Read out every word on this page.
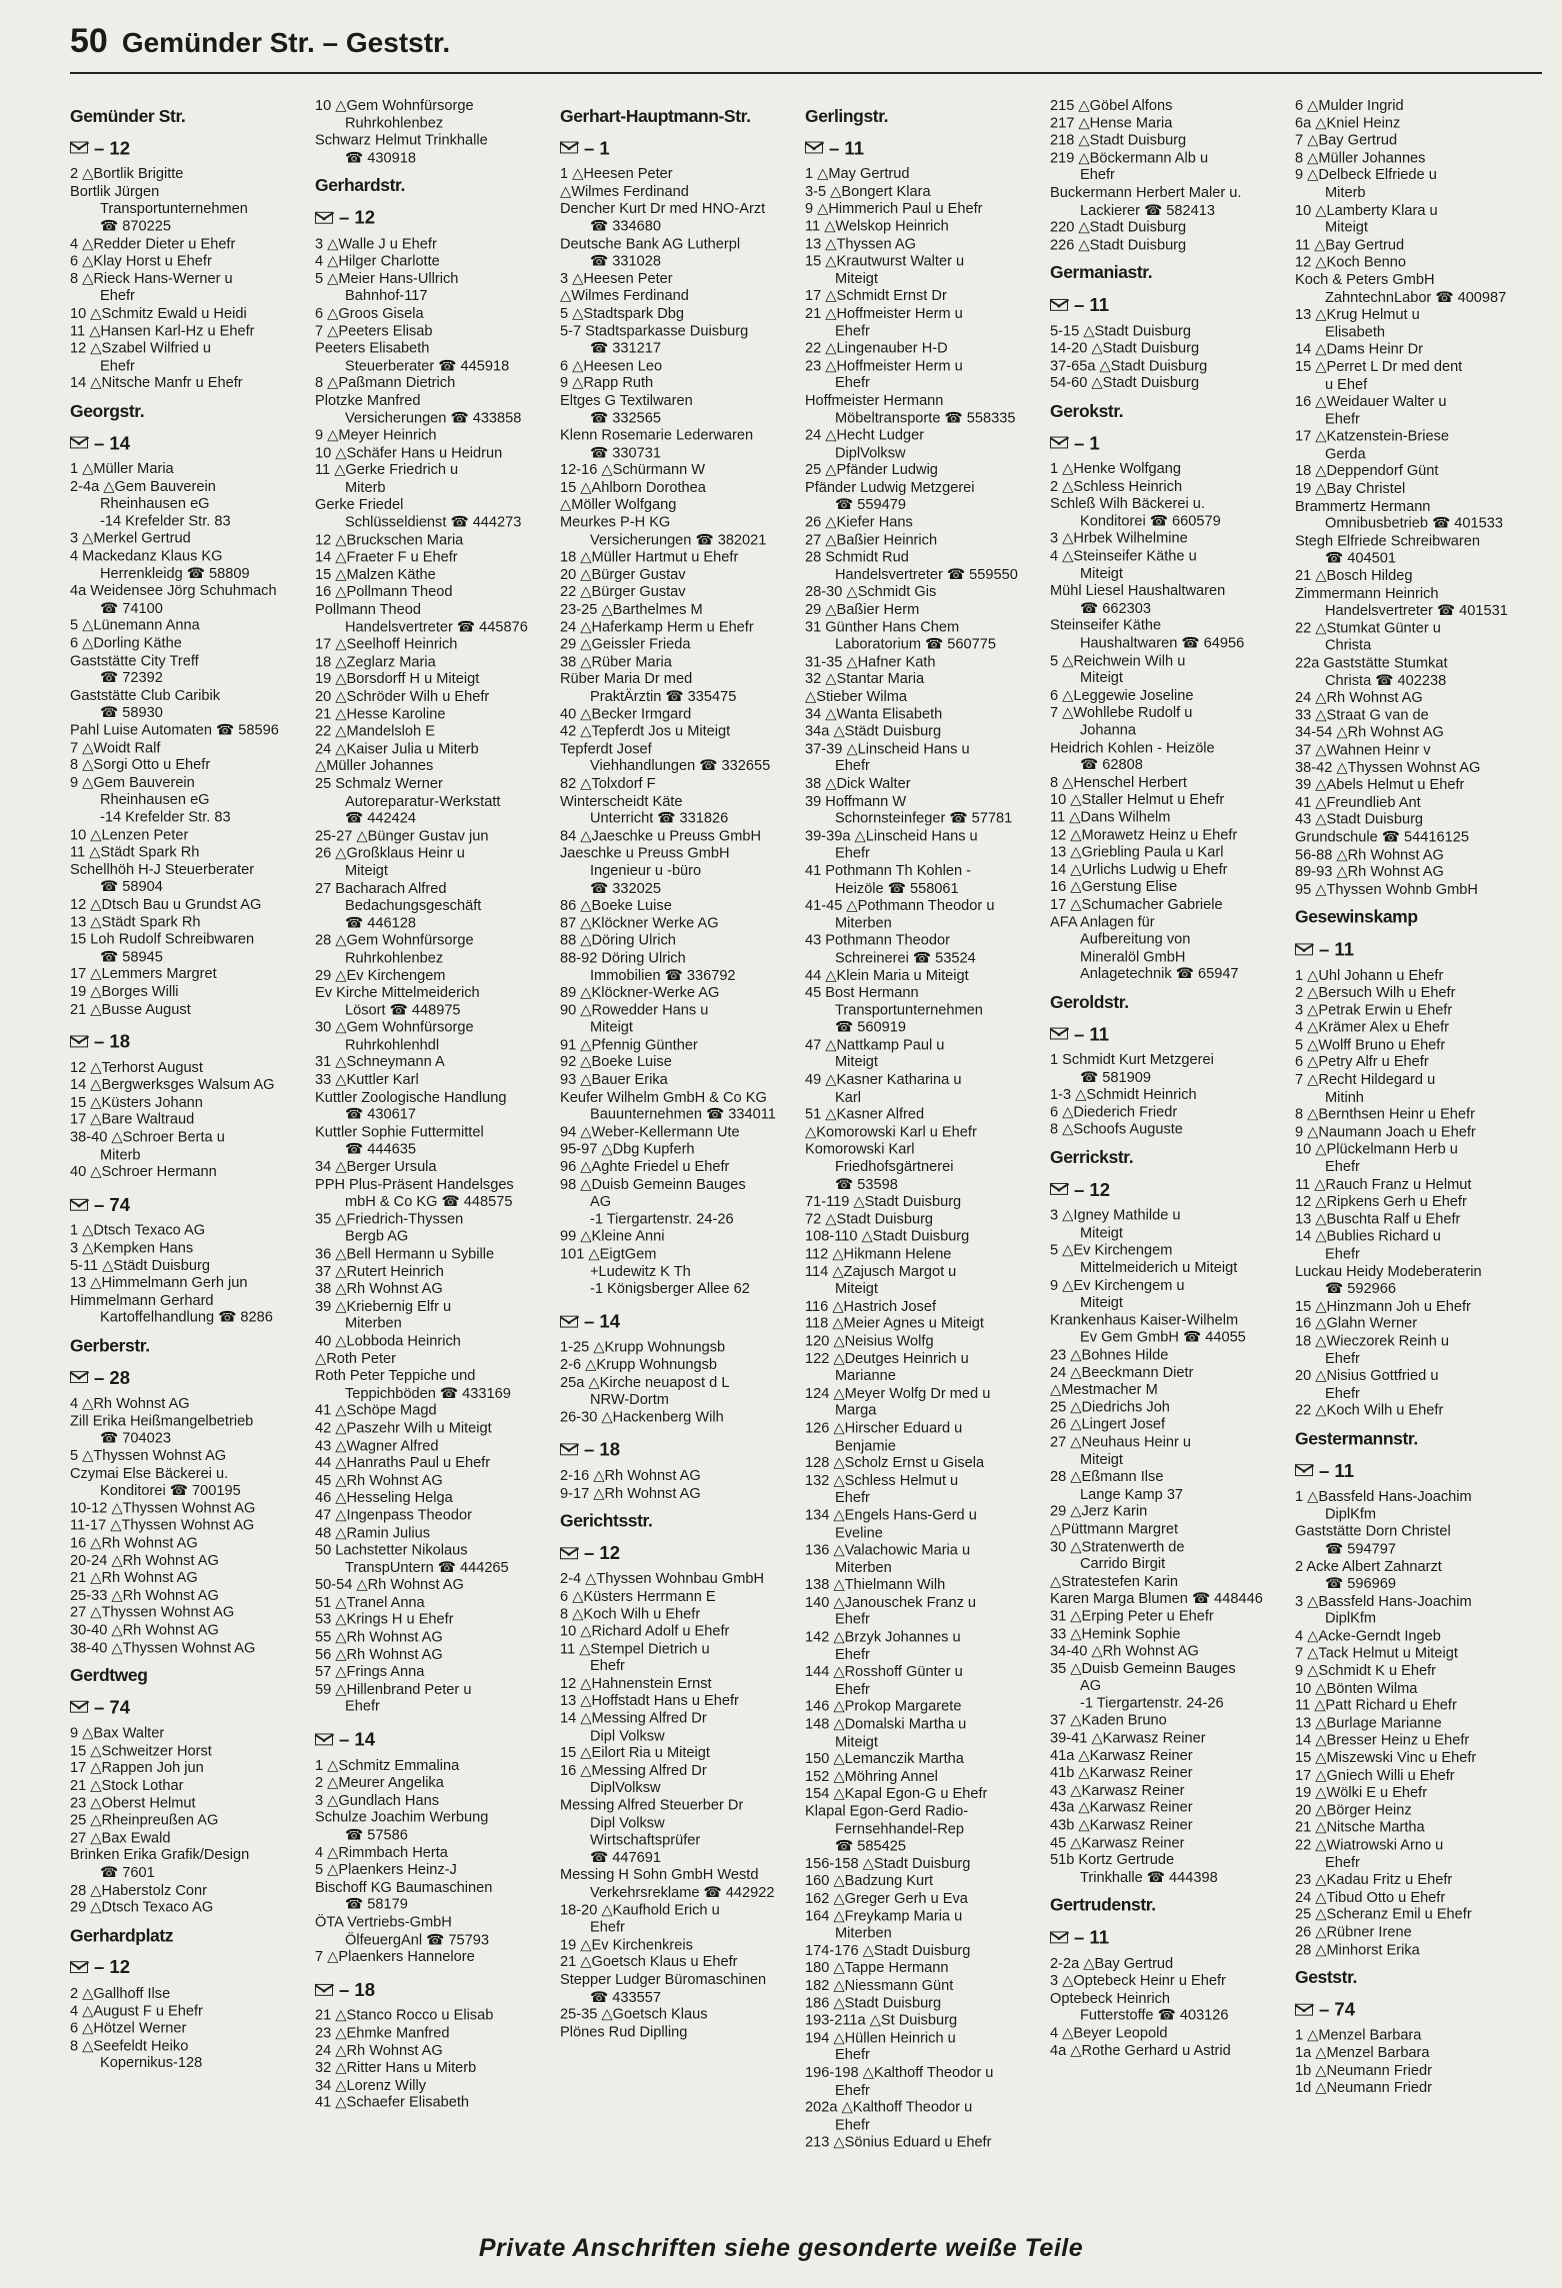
50 Gemünder Str. – Geststr.
Gemünder Str.
– 12
2 △Bortlik Brigitte
Bortlik Jürgen
Transportunternehmen
☎ 870225
4 △Redder Dieter u Ehefr
6 △Klay Horst u Ehefr
8 △Rieck Hans-Werner u
Ehefr
10 △Schmitz Ewald u Heidi
11 △Hansen Karl-Hz u Ehefr
12 △Szabel Wilfried u
Ehefr
14 △Nitsche Manfr u Ehefr
Georgstr.
– 14
1 △Müller Maria
2-4a △Gem Bauverein
Rheinhausen eG
-14 Krefelder Str. 83
3 △Merkel Gertrud
4 Mackedanz Klaus KG
Herrenkleidg ☎ 58809
4a Weidensee Jörg Schuhmach
☎ 74100
5 △Lünemann Anna
6 △Dorling Käthe
Gaststätte City Treff
☎ 72392
Gaststätte Club Caribik
☎ 58930
Pahl Luise Automaten ☎ 58596
7 △Woidt Ralf
8 △Sorgi Otto u Ehefr
9 △Gem Bauverein
Rheinhausen eG
-14 Krefelder Str. 83
10 △Lenzen Peter
11 △Städt Spark Rh
Schellhöh H-J Steuerberater
☎ 58904
12 △Dtsch Bau u Grundst AG
13 △Städt Spark Rh
15 Loh Rudolf Schreibwaren
☎ 58945
17 △Lemmers Margret
19 △Borges Willi
21 △Busse August
– 18
12 △Terhorst August
14 △Bergwerksges Walsum AG
15 △Küsters Johann
17 △Bare Waltraud
38-40 △Schroer Berta u
Miterb
40 △Schroer Hermann
– 74
1 △Dtsch Texaco AG
3 △Kempken Hans
5-11 △Städt Duisburg
13 △Himmelmann Gerh jun
Himmelmann Gerhard
Kartoffelhandlung ☎ 8286
Gerberstr.
– 28
4 △Rh Wohnst AG
Zill Erika Heißmangelbetrieb
☎ 704023
5 △Thyssen Wohnst AG
Czymai Else Bäckerei u.
Konditorei ☎ 700195
10-12 △Thyssen Wohnst AG
11-17 △Thyssen Wohnst AG
16 △Rh Wohnst AG
20-24 △Rh Wohnst AG
21 △Rh Wohnst AG
25-33 △Rh Wohnst AG
27 △Thyssen Wohnst AG
30-40 △Rh Wohnst AG
38-40 △Thyssen Wohnst AG
Gerdtweg
– 74
9 △Bax Walter
15 △Schweitzer Horst
17 △Rappen Joh jun
21 △Stock Lothar
23 △Oberst Helmut
25 △Rheinpreußen AG
27 △Bax Ewald
Brinken Erika Grafik/Design
☎ 7601
28 △Haberstolz Conr
29 △Dtsch Texaco AG
Gerhardplatz
– 12
2 △Gallhoff Ilse
4 △August F u Ehefr
6 △Hötzel Werner
8 △Seefeldt Heiko
Kopernikus-128
10 △Gem Wohnfürsorge
Ruhrkohlenbez
Schwarz Helmut Trinkhalle
☎ 430918
Gerhardstr.
– 12
3 △Walle J u Ehefr
4 △Hilger Charlotte
5 △Meier Hans-Ullrich
Bahnhof-117
6 △Groos Gisela
7 △Peeters Elisab
Peeters Elisabeth
Steuerberater ☎ 445918
8 △Paßmann Dietrich
Plotzke Manfred
Versicherungen ☎ 433858
9 △Meyer Heinrich
10 △Schäfer Hans u Heidrun
11 △Gerke Friedrich u
Miterb
Gerke Friedel
Schlüsseldienst ☎ 444273
12 △Bruckschen Maria
14 △Fraeter F u Ehefr
15 △Malzen Käthe
16 △Pollmann Theod
Pollmann Theod
Handelsvertreter ☎ 445876
17 △Seelhoff Heinrich
18 △Zeglarz Maria
19 △Borsdorff H u Miteigt
20 △Schröder Wilh u Ehefr
21 △Hesse Karoline
22 △Mandelsloh E
24 △Kaiser Julia u Miterb
△Müller Johannes
25 Schmalz Werner
Autoreparatur-Werkstatt
☎ 442424
25-27 △Bünger Gustav jun
26 △Großklaus Heinr u
Miteigt
27 Bacharach Alfred
Bedachungsgeschäft
☎ 446128
28 △Gem Wohnfürsorge
Ruhrkohlenbez
29 △Ev Kirchengem
Ev Kirche Mittelmeiderich
Lösort ☎ 448975
30 △Gem Wohnfürsorge
Ruhrkohlenhdl
31 △Schneymann A
33 △Kuttler Karl
Kuttler Zoologische Handlung
☎ 430617
Kuttler Sophie Futtermittel
☎ 444635
34 △Berger Ursula
PPH Plus-Präsent Handelsges
mbH & Co KG ☎ 448575
35 △Friedrich-Thyssen
Bergb AG
36 △Bell Hermann u Sybille
37 △Rutert Heinrich
38 △Rh Wohnst AG
39 △Kriebernig Elfr u
Miterben
40 △Lobboda Heinrich
△Roth Peter
Roth Peter Teppiche und
Teppichböden ☎ 433169
41 △Schöpe Magd
42 △Paszehr Wilh u Miteigt
43 △Wagner Alfred
44 △Hanraths Paul u Ehefr
45 △Rh Wohnst AG
46 △Hesseling Helga
47 △Ingenpass Theodor
48 △Ramin Julius
50 Lachstetter Nikolaus
TranspUntern ☎ 444265
50-54 △Rh Wohnst AG
51 △Tranel Anna
53 △Krings H u Ehefr
55 △Rh Wohnst AG
56 △Rh Wohnst AG
57 △Frings Anna
59 △Hillenbrand Peter u
Ehefr
– 14
1 △Schmitz Emmalina
2 △Meurer Angelika
3 △Gundlach Hans
Schulze Joachim Werbung
☎ 57586
4 △Rimmbach Herta
5 △Plaenkers Heinz-J
Bischoff KG Baumaschinen
☎ 58179
ÖTA Vertriebs-GmbH
ÖlfeuergAnl ☎ 75793
7 △Plaenkers Hannelore
– 18
21 △Stanco Rocco u Elisab
23 △Ehmke Manfred
24 △Rh Wohnst AG
32 △Ritter Hans u Miterb
34 △Lorenz Willy
41 △Schaefer Elisabeth
Gerhart-Hauptmann-Str.
– 1
1 △Heesen Peter
△Wilmes Ferdinand
Dencher Kurt Dr med HNO-Arzt
☎ 334680
Deutsche Bank AG Lutherpl
☎ 331028
3 △Heesen Peter
△Wilmes Ferdinand
5 △Stadtspark Dbg
5-7 Stadtsparkasse Duisburg
☎ 331217
6 △Heesen Leo
9 △Rapp Ruth
Eltges G Textilwaren
☎ 332565
Klenn Rosemarie Lederwaren
☎ 330731
12-16 △Schürmann W
15 △Ahlborn Dorothea
△Möller Wolfgang
Meurkes P-H KG
Versicherungen ☎ 382021
18 △Müller Hartmut u Ehefr
20 △Bürger Gustav
22 △Bürger Gustav
23-25 △Barthelmes M
24 △Haferkamp Herm u Ehefr
29 △Geissler Frieda
38 △Rüber Maria
Rüber Maria Dr med
PraktÄrztin ☎ 335475
40 △Becker Irmgard
42 △Tepferdt Jos u Miteigt
Tepferdt Josef
Viehhandlungen ☎ 332655
82 △Tolxdorf F
Winterscheidt Käte
Unterricht ☎ 331826
84 △Jaeschke u Preuss GmbH
Jaeschke u Preuss GmbH
Ingenieur u -büro
☎ 332025
86 △Boeke Luise
87 △Klöckner Werke AG
88 △Döring Ulrich
88-92 Döring Ulrich
Immobilien ☎ 336792
89 △Klöckner-Werke AG
90 △Rowedder Hans u
Miteigt
91 △Pfennig Günther
92 △Boeke Luise
93 △Bauer Erika
Keufer Wilhelm GmbH & Co KG
Bauunternehmen ☎ 334011
94 △Weber-Kellermann Ute
95-97 △Dbg Kupferh
96 △Aghte Friedel u Ehefr
98 △Duisb Gemeinn Bauges
AG
-1 Tiergartenstr. 24-26
99 △Kleine Anni
101 △EigtGem
+Ludewitz K Th
-1 Königsberger Allee 62
– 14
1-25 △Krupp Wohnungsb
2-6 △Krupp Wohnungsb
25a △Kirche neuapost d L
NRW-Dortm
26-30 △Hackenberg Wilh
– 18
2-16 △Rh Wohnst AG
9-17 △Rh Wohnst AG
Gerichtsstr.
– 12
2-4 △Thyssen Wohnbau GmbH
6 △Küsters Herrmann E
8 △Koch Wilh u Ehefr
10 △Richard Adolf u Ehefr
11 △Stempel Dietrich u
Ehefr
12 △Hahnenstein Ernst
13 △Hoffstadt Hans u Ehefr
14 △Messing Alfred Dr
Dipl Volksw
15 △Eilort Ria u Miteigt
16 △Messing Alfred Dr
DiplVolksw
Messing Alfred Steuerber Dr
Dipl Volksw
Wirtschaftsprüfer
☎ 447691
Messing H Sohn GmbH Westd
Verkehrsreklame ☎ 442922
18-20 △Kaufhold Erich u
Ehefr
19 △Ev Kirchenkreis
21 △Goetsch Klaus u Ehefr
Stepper Ludger Büromaschinen
☎ 433557
25-35 △Goetsch Klaus
Plönes Rud Diplling
Gerlingstr.
– 11
1 △May Gertrud
3-5 △Bongert Klara
9 △Himmerich Paul u Ehefr
11 △Welskop Heinrich
13 △Thyssen AG
15 △Krautwurst Walter u
Miteigt
17 △Schmidt Ernst Dr
21 △Hoffmeister Herm u
Ehefr
22 △Lingenauber H-D
23 △Hoffmeister Herm u
Ehefr
Hoffmeister Hermann
Möbeltransporte ☎ 558335
24 △Hecht Ludger
DiplVolksw
25 △Pfänder Ludwig
Pfänder Ludwig Metzgerei
☎ 559479
26 △Kiefer Hans
27 △Baßier Heinrich
28 Schmidt Rud
Handelsvertreter ☎ 559550
28-30 △Schmidt Gis
29 △Baßier Herm
31 Günther Hans Chem
Laboratorium ☎ 560775
31-35 △Hafner Kath
32 △Stantar Maria
△Stieber Wilma
34 △Wanta Elisabeth
34a △Städt Duisburg
37-39 △Linscheid Hans u
Ehefr
38 △Dick Walter
39 Hoffmann W
Schornsteinfeger ☎ 57781
39-39a △Linscheid Hans u
Ehefr
41 Pothmann Th Kohlen -
Heizöle ☎ 558061
41-45 △Pothmann Theodor u
Miterben
43 Pothmann Theodor
Schreinerei ☎ 53524
44 △Klein Maria u Miteigt
45 Bost Hermann
Transportunternehmen
☎ 560919
47 △Nattkamp Paul u
Miteigt
49 △Kasner Katharina u
Karl
51 △Kasner Alfred
△Komorowski Karl u Ehefr
Komorowski Karl
Friedhofsgärtnerei
☎ 53598
71-119 △Stadt Duisburg
72 △Stadt Duisburg
108-110 △Stadt Duisburg
112 △Hikmann Helene
114 △Zajusch Margot u
Miteigt
116 △Hastrich Josef
118 △Meier Agnes u Miteigt
120 △Neisius Wolfg
122 △Deutges Heinrich u
Marianne
124 △Meyer Wolfg Dr med u
Marga
126 △Hirscher Eduard u
Benjamie
128 △Scholz Ernst u Gisela
132 △Schless Helmut u
Ehefr
134 △Engels Hans-Gerd u
Eveline
136 △Valachowic Maria u
Miterben
138 △Thielmann Wilh
140 △Janouschek Franz u
Ehefr
142 △Brzyk Johannes u
Ehefr
144 △Rosshoff Günter u
Ehefr
146 △Prokop Margarete
148 △Domalski Martha u
Miteigt
150 △Lemanczik Martha
152 △Möhring Annel
154 △Kapal Egon-G u Ehefr
Klapal Egon-Gerd Radio-
Fernsehhandel-Rep
☎ 585425
156-158 △Stadt Duisburg
160 △Badzung Kurt
162 △Greger Gerh u Eva
164 △Freykamp Maria u
Miterben
174-176 △Stadt Duisburg
180 △Tappe Hermann
182 △Niessmann Günt
186 △Stadt Duisburg
193-211a △St Duisburg
194 △Hüllen Heinrich u
Ehefr
196-198 △Kalthoff Theodor u
Ehefr
202a △Kalthoff Theodor u
Ehefr
213 △Sönius Eduard u Ehefr
215 △Göbel Alfons
217 △Hense Maria
218 △Stadt Duisburg
219 △Böckermann Alb u
Ehefr
Buckermann Herbert Maler u.
Lackierer ☎ 582413
220 △Stadt Duisburg
226 △Stadt Duisburg
Germaniastr.
– 11
5-15 △Stadt Duisburg
14-20 △Stadt Duisburg
37-65a △Stadt Duisburg
54-60 △Stadt Duisburg
Gerokstr.
– 1
1 △Henke Wolfgang
2 △Schless Heinrich
Schleß Wilh Bäckerei u.
Konditorei ☎ 660579
3 △Hrbek Wilhelmine
4 △Steinseifer Käthe u
Miteigt
Mühl Liesel Haushaltwaren
☎ 662303
Steinseifer Käthe
Haushaltwaren ☎ 64956
5 △Reichwein Wilh u
Miteigt
6 △Leggewie Joseline
7 △Wohllebe Rudolf u
Johanna
Heidrich Kohlen - Heizöle
☎ 62808
8 △Henschel Herbert
10 △Staller Helmut u Ehefr
11 △Dans Wilhelm
12 △Morawetz Heinz u Ehefr
13 △Griebling Paula u Karl
14 △Urlichs Ludwig u Ehefr
16 △Gerstung Elise
17 △Schumacher Gabriele
AFA Anlagen für
Aufbereitung von
Mineralöl GmbH
Anlagetechnik ☎ 65947
Geroldstr.
– 11
1 Schmidt Kurt Metzgerei
☎ 581909
1-3 △Schmidt Heinrich
6 △Diederich Friedr
8 △Schoofs Auguste
Gerrickstr.
– 12
3 △Igney Mathilde u
Miteigt
5 △Ev Kirchengem
Mittelmeiderich u Miteigt
9 △Ev Kirchengem u
Miteigt
Krankenhaus Kaiser-Wilhelm
Ev Gem GmbH ☎ 44055
23 △Bohnes Hilde
24 △Beeckmann Dietr
△Mestmacher M
25 △Diedrichs Joh
26 △Lingert Josef
27 △Neuhaus Heinr u
Miteigt
28 △Eßmann Ilse
Lange Kamp 37
29 △Jerz Karin
△Püttmann Margret
30 △Stratenwerth de
Carrido Birgit
△Stratestefen Karin
Karen Marga Blumen ☎ 448446
31 △Erping Peter u Ehefr
33 △Hemink Sophie
34-40 △Rh Wohnst AG
35 △Duisb Gemeinn Bauges
AG
-1 Tiergartenstr. 24-26
37 △Kaden Bruno
39-41 △Karwasz Reiner
41a △Karwasz Reiner
41b △Karwasz Reiner
43 △Karwasz Reiner
43a △Karwasz Reiner
43b △Karwasz Reiner
45 △Karwasz Reiner
51b Kortz Gertrude
Trinkhalle ☎ 444398
Gertrudenstr.
– 11
2-2a △Bay Gertrud
3 △Optebeck Heinr u Ehefr
Optebeck Heinrich
Futterstoffe ☎ 403126
4 △Beyer Leopold
4a △Rothe Gerhard u Astrid
6 △Mulder Ingrid
6a △Kniel Heinz
7 △Bay Gertrud
8 △Müller Johannes
9 △Delbeck Elfriede u
Miterb
10 △Lamberty Klara u
Miteigt
11 △Bay Gertrud
12 △Koch Benno
Koch & Peters GmbH
ZahntechnLabor ☎ 400987
13 △Krug Helmut u
Elisabeth
14 △Dams Heinr Dr
15 △Perret L Dr med dent
u Ehef
16 △Weidauer Walter u
Ehefr
17 △Katzenstein-Briese
Gerda
18 △Deppendorf Günt
19 △Bay Christel
Brammertz Hermann
Omnibusbetrieb ☎ 401533
Stegh Elfriede Schreibwaren
☎ 404501
21 △Bosch Hildeg
Zimmermann Heinrich
Handelsvertreter ☎ 401531
22 △Stumkat Günter u
Christa
22a Gaststätte Stumkat
Christa ☎ 402238
24 △Rh Wohnst AG
33 △Straat G van de
34-54 △Rh Wohnst AG
37 △Wahnen Heinr v
38-42 △Thyssen Wohnst AG
39 △Abels Helmut u Ehefr
41 △Freundlieb Ant
43 △Stadt Duisburg
Grundschule ☎ 54416125
56-88 △Rh Wohnst AG
89-93 △Rh Wohnst AG
95 △Thyssen Wohnb GmbH
Gesewinskamp
– 11
1 △Uhl Johann u Ehefr
2 △Bersuch Wilh u Ehefr
3 △Petrak Erwin u Ehefr
4 △Krämer Alex u Ehefr
5 △Wolff Bruno u Ehefr
6 △Petry Alfr u Ehefr
7 △Recht Hildegard u
Mitinh
8 △Bernthsen Heinr u Ehefr
9 △Naumann Joach u Ehefr
10 △Plückelmann Herb u
Ehefr
11 △Rauch Franz u Helmut
12 △Ripkens Gerh u Ehefr
13 △Buschta Ralf u Ehefr
14 △Bublies Richard u
Ehefr
Luckau Heidy Modeberaterin
☎ 592966
15 △Hinzmann Joh u Ehefr
16 △Glahn Werner
18 △Wieczorek Reinh u
Ehefr
20 △Nisius Gottfried u
Ehefr
22 △Koch Wilh u Ehefr
Gestermannstr.
– 11
1 △Bassfeld Hans-Joachim
DiplKfm
Gaststätte Dorn Christel
☎ 594797
2 Acke Albert Zahnarzt
☎ 596969
3 △Bassfeld Hans-Joachim
DiplKfm
4 △Acke-Gerndt Ingeb
7 △Tack Helmut u Miteigt
9 △Schmidt K u Ehefr
10 △Bönten Wilma
11 △Patt Richard u Ehefr
13 △Burlage Marianne
14 △Bresser Heinz u Ehefr
15 △Miszewski Vinc u Ehefr
17 △Gniech Willi u Ehefr
19 △Wölki E u Ehefr
20 △Börger Heinz
21 △Nitsche Martha
22 △Wiatrowski Arno u
Ehefr
23 △Kadau Fritz u Ehefr
24 △Tibud Otto u Ehefr
25 △Scheranz Emil u Ehefr
26 △Rübner Irene
28 △Minhorst Erika
Geststr.
– 74
1 △Menzel Barbara
1a △Menzel Barbara
1b △Neumann Friedr
1d △Neumann Friedr
Private Anschriften siehe gesonderte weiße Teile
